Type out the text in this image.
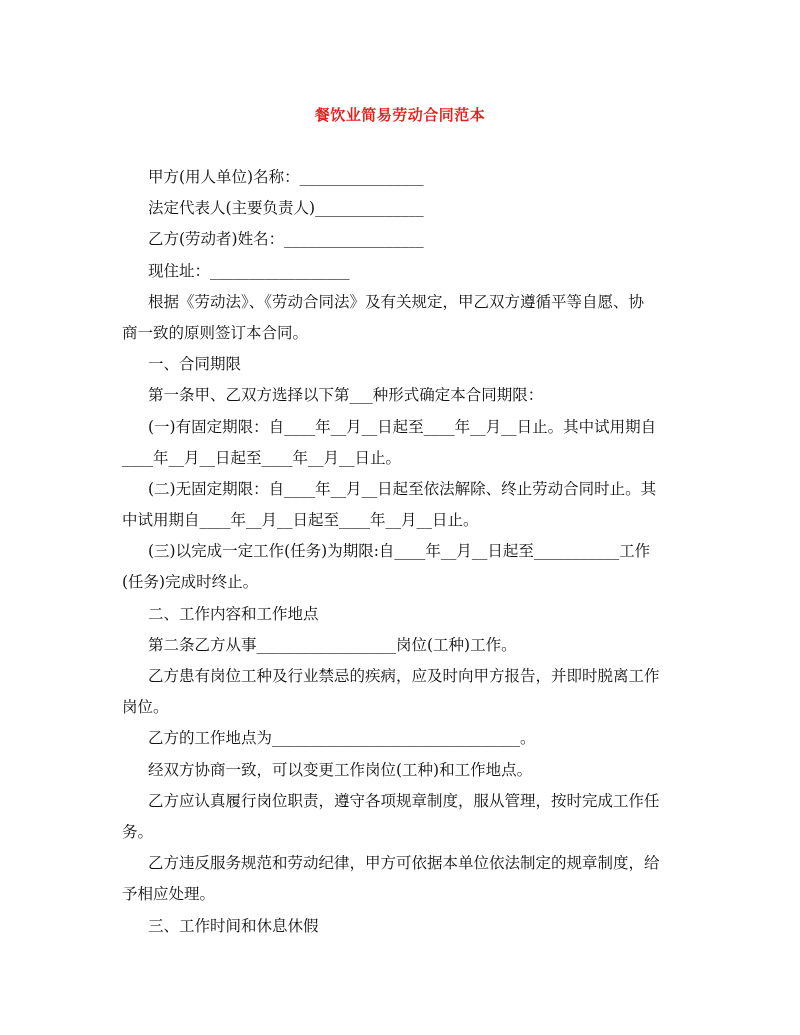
餐饮业简易劳动合同范本
甲方(用人单位)名称：________________
法定代表人(主要负责人)______________
乙方(劳动者)姓名：__________________
现住址：__________________
根据《劳动法》、《劳动合同法》及有关规定，甲乙双方遵循平等自愿、协
商一致的原则签订本合同。
一、合同期限
第一条甲、乙双方选择以下第___种形式确定本合同期限：
(一)有固定期限：自____年__月__日起至____年__月__日止。其中试用期自
____年__月__日起至____年__月__日止。
(二)无固定期限：自____年__月__日起至依法解除、终止劳动合同时止。其
中试用期自____年__月__日起至____年__月__日止。
(三)以完成一定工作(任务)为期限:自____年__月__日起至___________工作
(任务)完成时终止。
二、工作内容和工作地点
第二条乙方从事__________________岗位(工种)工作。
乙方患有岗位工种及行业禁忌的疾病，应及时向甲方报告，并即时脱离工作
岗位。
乙方的工作地点为________________________________。
经双方协商一致，可以变更工作岗位(工种)和工作地点。
乙方应认真履行岗位职责，遵守各项规章制度，服从管理，按时完成工作任
务。
乙方违反服务规范和劳动纪律，甲方可依据本单位依法制定的规章制度，给
予相应处理。
三、工作时间和休息休假
